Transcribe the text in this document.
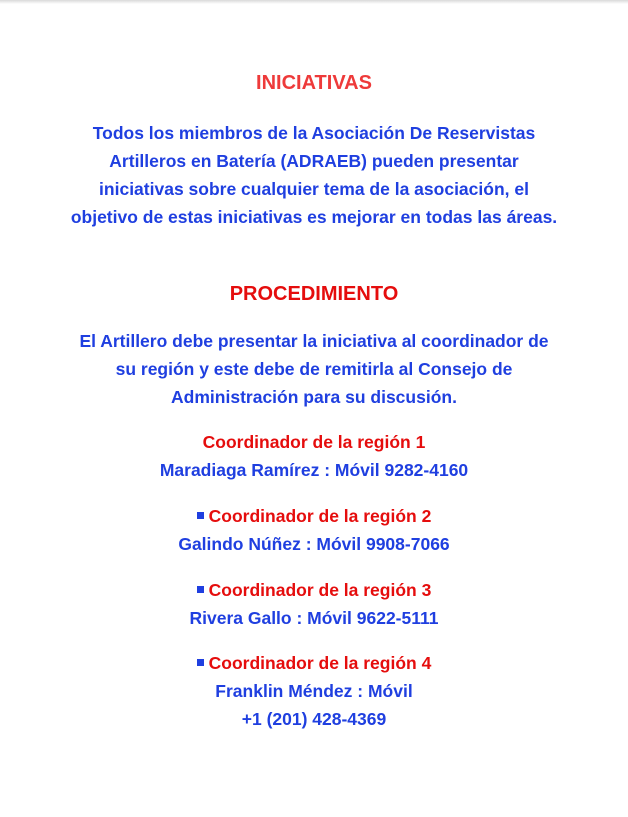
INICIATIVAS

Todos los miembros de la Asociación De Reservistas Artilleros en Batería (ADRAEB) pueden presentar iniciativas sobre cualquier tema de la asociación, el objetivo de estas iniciativas es mejorar en todas las áreas.

PROCEDIMIENTO

El Artillero debe presentar la iniciativa al coordinador de su región y este debe de remitirla al Consejo de Administración para su discusión.

Coordinador de la región 1
Maradiaga Ramírez : Móvil 9282-4160
Coordinador de la región 2
Galindo Núñez : Móvil 9908-7066
Coordinador de la región 3
Rivera Gallo : Móvil 9622-5111
Coordinador de la región 4
Franklin Méndez : Móvil
+1 (201) 428-4369
